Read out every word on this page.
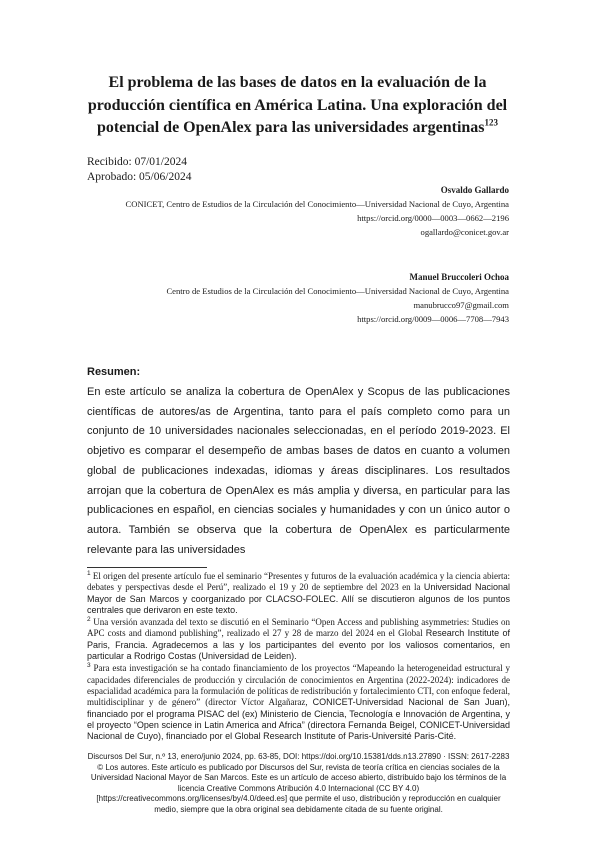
El problema de las bases de datos en la evaluación de la producción científica en América Latina. Una exploración del potencial de OpenAlex para las universidades argentinas$^{123}$
Recibido: 07/01/2024
Aprobado: 05/06/2024
Osvaldo Gallardo
CONICET, Centro de Estudios de la Circulación del Conocimiento—Universidad Nacional de Cuyo, Argentina
https://orcid.org/0000—0003—0662—2196
ogallardo@conicet.gov.ar
Manuel Bruccoleri Ochoa
Centro de Estudios de la Circulación del Conocimiento—Universidad Nacional de Cuyo, Argentina
manubrucco97@gmail.com
https://orcid.org/0009—0006—7708—7943
Resumen:

En este artículo se analiza la cobertura de OpenAlex y Scopus de las publicaciones científicas de autores/as de Argentina, tanto para el país completo como para un conjunto de 10 universidades nacionales seleccionadas, en el período 2019-2023. El objetivo es comparar el desempeño de ambas bases de datos en cuanto a volumen global de publicaciones indexadas, idiomas y áreas disciplinares. Los resultados arrojan que la cobertura de OpenAlex es más amplia y diversa, en particular para las publicaciones en español, en ciencias sociales y humanidades y con un único autor o autora. También se observa que la cobertura de OpenAlex es particularmente relevante para las universidades

$^1$ El origen del presente artículo fue el seminario “Presentes y futuros de la evaluación académica y la ciencia abierta: debates y perspectivas desde el Perú”, realizado el 19 y 20 de septiembre del 2023 en la Universidad Nacional Mayor de San Marcos y coorganizado por CLACSO-FOLEC. Allí se discutieron algunos de los puntos centrales que derivaron en este texto.

$^2$ Una versión avanzada del texto se discutió en el Seminario “Open Access and publishing asymmetries: Studies on APC costs and diamond publishing”, realizado el 27 y 28 de marzo del 2024 en el Global Research Institute of Paris, Francia. Agradecemos a las y los participantes del evento por los valiosos comentarios, en particular a Rodrigo Costas (Universidad de Leiden).

$^3$ Para esta investigación se ha contado financiamiento de los proyectos “Mapeando la heterogeneidad estructural y capacidades diferenciales de producción y circulación de conocimientos en Argentina (2022-2024): indicadores de espacialidad académica para la formulación de políticas de redistribución y fortalecimiento CTI, con enfoque federal, multidisciplinar y de género” (director Víctor Algañaraz, CONICET-Universidad Nacional de San Juan), financiado por el programa PISAC del (ex) Ministerio de Ciencia, Tecnología e Innovación de Argentina, y el proyecto “Open science in Latin America and Africa” (directora Fernanda Beigel, CONICET-Universidad Nacional de Cuyo), financiado por el Global Research Institute of Paris-Université Paris-Cité.

Discursos Del Sur, n.º 13, enero/junio 2024, pp. 63-85, DOI: https://doi.org/10.15381/dds.n13.27890 · ISSN: 2617-2283
© Los autores. Este artículo es publicado por Discursos del Sur, revista de teoría crítica en ciencias sociales de la Universidad Nacional Mayor de San Marcos. Este es un artículo de acceso abierto, distribuido bajo los términos de la licencia Creative Commons Atribución 4.0 Internacional (CC BY 4.0) [https://creativecommons.org/licenses/by/4.0/deed.es] que permite el uso, distribución y reproducción en cualquier medio, siempre que la obra original sea debidamente citada de su fuente original.
